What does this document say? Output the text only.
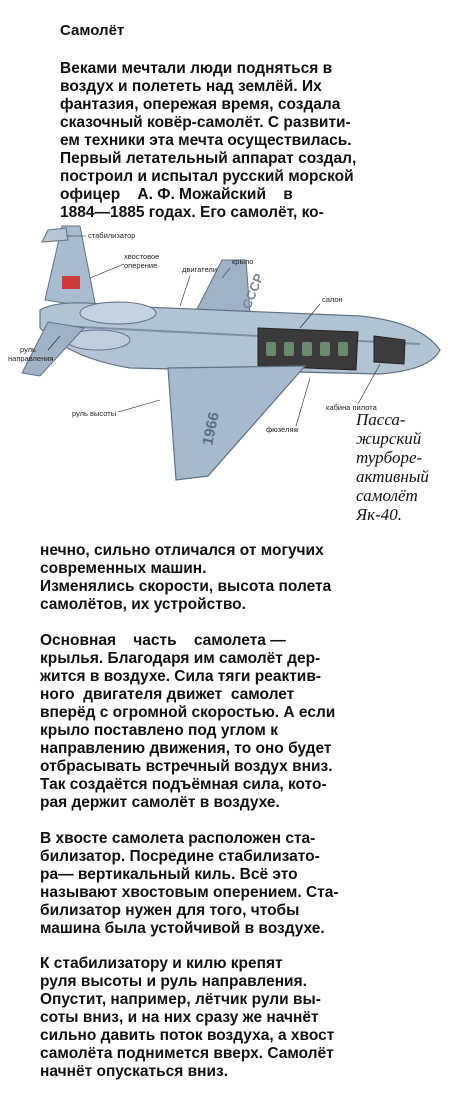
Самолёт
Веками мечтали люди подняться в
воздух и полететь над землёй. Их
фантазия, опережая время, создала
сказочный ковёр-самолёт. С развити-
ем техники эта мечта осуществилась.
Первый летательный аппарат создал,
построил и испытал русский морской
офицер    А. Ф. Можайский    в
1884—1885 годах. Его самолёт, ко-
СССР
1966
стабилизатор
хвостовое
оперение	двигатели
крыло
салон
руль
направления
руль высоты
кабина пилота
фюзеляж
Пасса-
жирский
турборе-
активный
самолёт
Як-40.
нечно, сильно отличался от могучих
современных машин.
Изменялись скорости, высота полета
самолётов, их устройство.
Основная    часть    самолета —
крылья. Благодаря им самолёт дер-
жится в воздухе. Сила тяги реактив-
ного  двигателя движет  самолет
вперёд с огромной скоростью. А если
крыло поставлено под углом к
направлению движения, то оно будет
отбрасывать встречный воздух вниз.
Так создаётся подъёмная сила, кото-
рая держит самолёт в воздухе.
В хвосте самолета расположен ста-
билизатор. Посредине стабилизато-
ра— вертикальный киль. Всё это
называют хвостовым оперением. Ста-
билизатор нужен для того, чтобы
машина была устойчивой в воздухе.
К стабилизатору и килю крепят
руля высоты и руль направления.
Опустит, например, лётчик рули вы-
соты вниз, и на них сразу же начнёт
сильно давить поток воздуха, а хвост
самолёта поднимется вверх. Самолёт
начнёт опускаться вниз.
